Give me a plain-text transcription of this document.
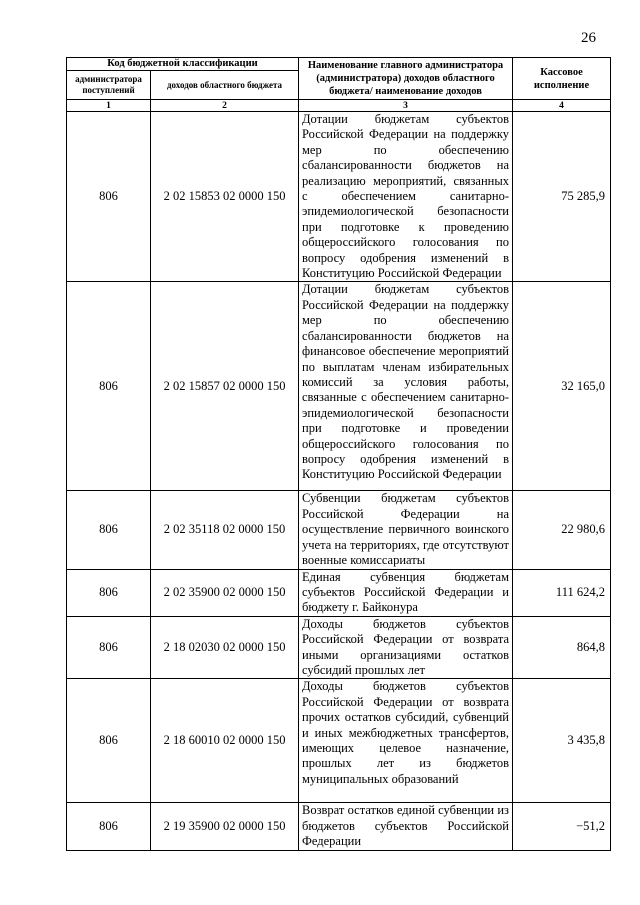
26
Код бюджетной классификации		Наименование главного администратора (администратора) доходов областного бюджета/ наименование доходов	Кассовое исполнение
администратора поступлений	доходов областного бюджета		
1	2	3	4
806	2 02 15853 02 0000 150	Дотации бюджетам субъектов Российской Федерации на поддержку мер по обеспечению сбалансированности бюджетов на реализацию мероприятий, связанных с обеспечением санитарно-эпидемиологической безопасности при подготовке к проведению общероссийского голосования по вопросу одобрения изменений в Конституцию Российской Федерации	75 285,9
806	2 02 15857 02 0000 150	Дотации бюджетам субъектов Российской Федерации на поддержку мер по обеспечению сбалансированности бюджетов на финансовое обеспечение мероприятий по выплатам членам избирательных комиссий за условия работы, связанные с обеспечением санитарно-эпидемиологической безопасности при подготовке и проведении общероссийского голосования по вопросу одобрения изменений в Конституцию Российской Федерации	32 165,0
806	2 02 35118 02 0000 150	Субвенции бюджетам субъектов Российской Федерации на осуществление первичного воинского учета на территориях, где отсутствуют военные комиссариаты	22 980,6
806	2 02 35900 02 0000 150	Единая субвенция бюджетам субъектов Российской Федерации и бюджету г. Байконура	111 624,2
806	2 18 02030 02 0000 150	Доходы бюджетов субъектов Российской Федерации от возврата иными организациями остатков субсидий прошлых лет	864,8
806	2 18 60010 02 0000 150	Доходы бюджетов субъектов Российской Федерации от возврата прочих остатков субсидий, субвенций и иных межбюджетных трансфертов, имеющих целевое назначение, прошлых лет из бюджетов муниципальных образований	3 435,8
806	2 19 35900 02 0000 150	Возврат остатков единой субвенции из бюджетов субъектов Российской Федерации	−51,2
